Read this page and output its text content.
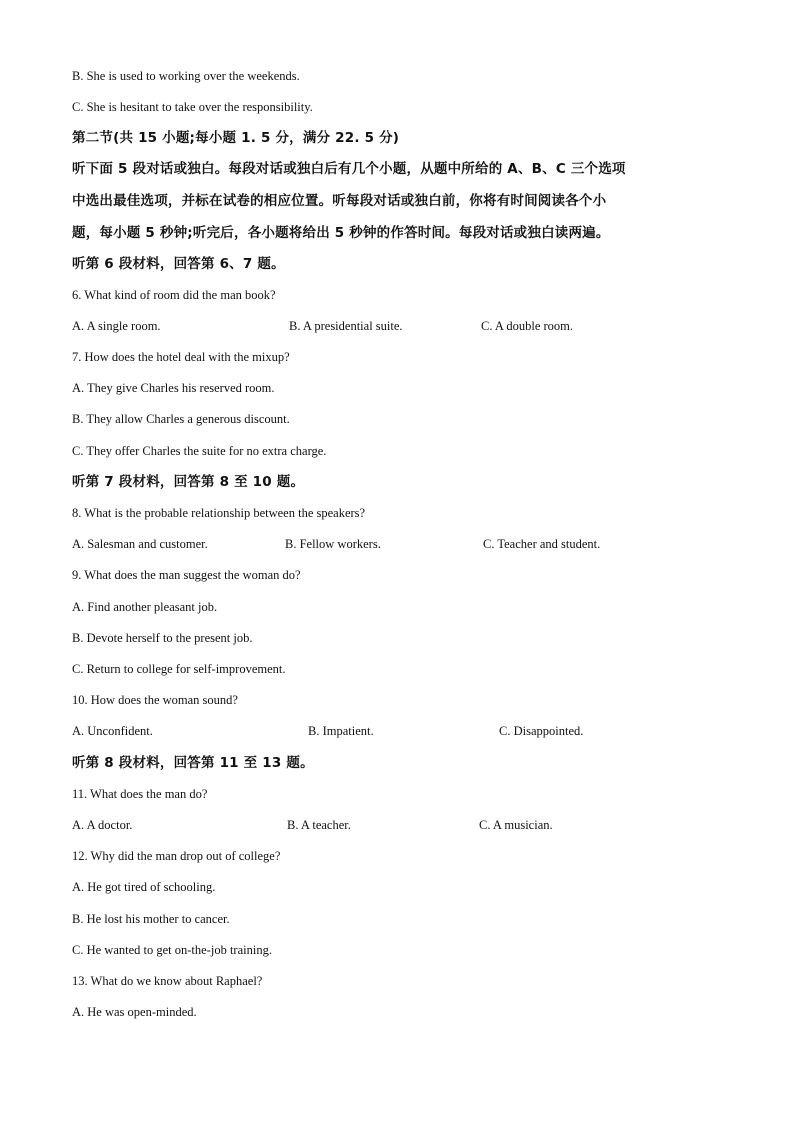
B. She is used to working over the weekends.
C. She is hesitant to take over the responsibility.
第二节(共 15 小题;每小题 1. 5 分，满分 22. 5 分)
听下面 5 段对话或独白。每段对话或独白后有几个小题，从题中所给的 A、B、C 三个选项
中选出最佳选项，并标在试卷的相应位置。听每段对话或独白前，你将有时间阅读各个小
题，每小题 5 秒钟;听完后，各小题将给出 5 秒钟的作答时间。每段对话或独白读两遍。
听第 6 段材料，回答第 6、7 题。
6. What kind of room did the man book?
A. A single room.	B. A presidential suite.	C. A double room.
7. How does the hotel deal with the mixup?
A. They give Charles his reserved room.
B. They allow Charles a generous discount.
C. They offer Charles the suite for no extra charge.
听第 7 段材料，回答第 8 至 10 题。
8. What is the probable relationship between the speakers?
A. Salesman and customer.	B. Fellow workers.	C. Teacher and student.
9. What does the man suggest the woman do?
A. Find another pleasant job.
B. Devote herself to the present job.
C. Return to college for self-improvement.
10. How does the woman sound?
A. Unconfident.	B. Impatient.	C. Disappointed.
听第 8 段材料，回答第 11 至 13 题。
11. What does the man do?
A. A doctor.	B. A teacher.	C. A musician.
12. Why did the man drop out of college?
A. He got tired of schooling.
B. He lost his mother to cancer.
C. He wanted to get on-the-job training.
13. What do we know about Raphael?
A. He was open-minded.
